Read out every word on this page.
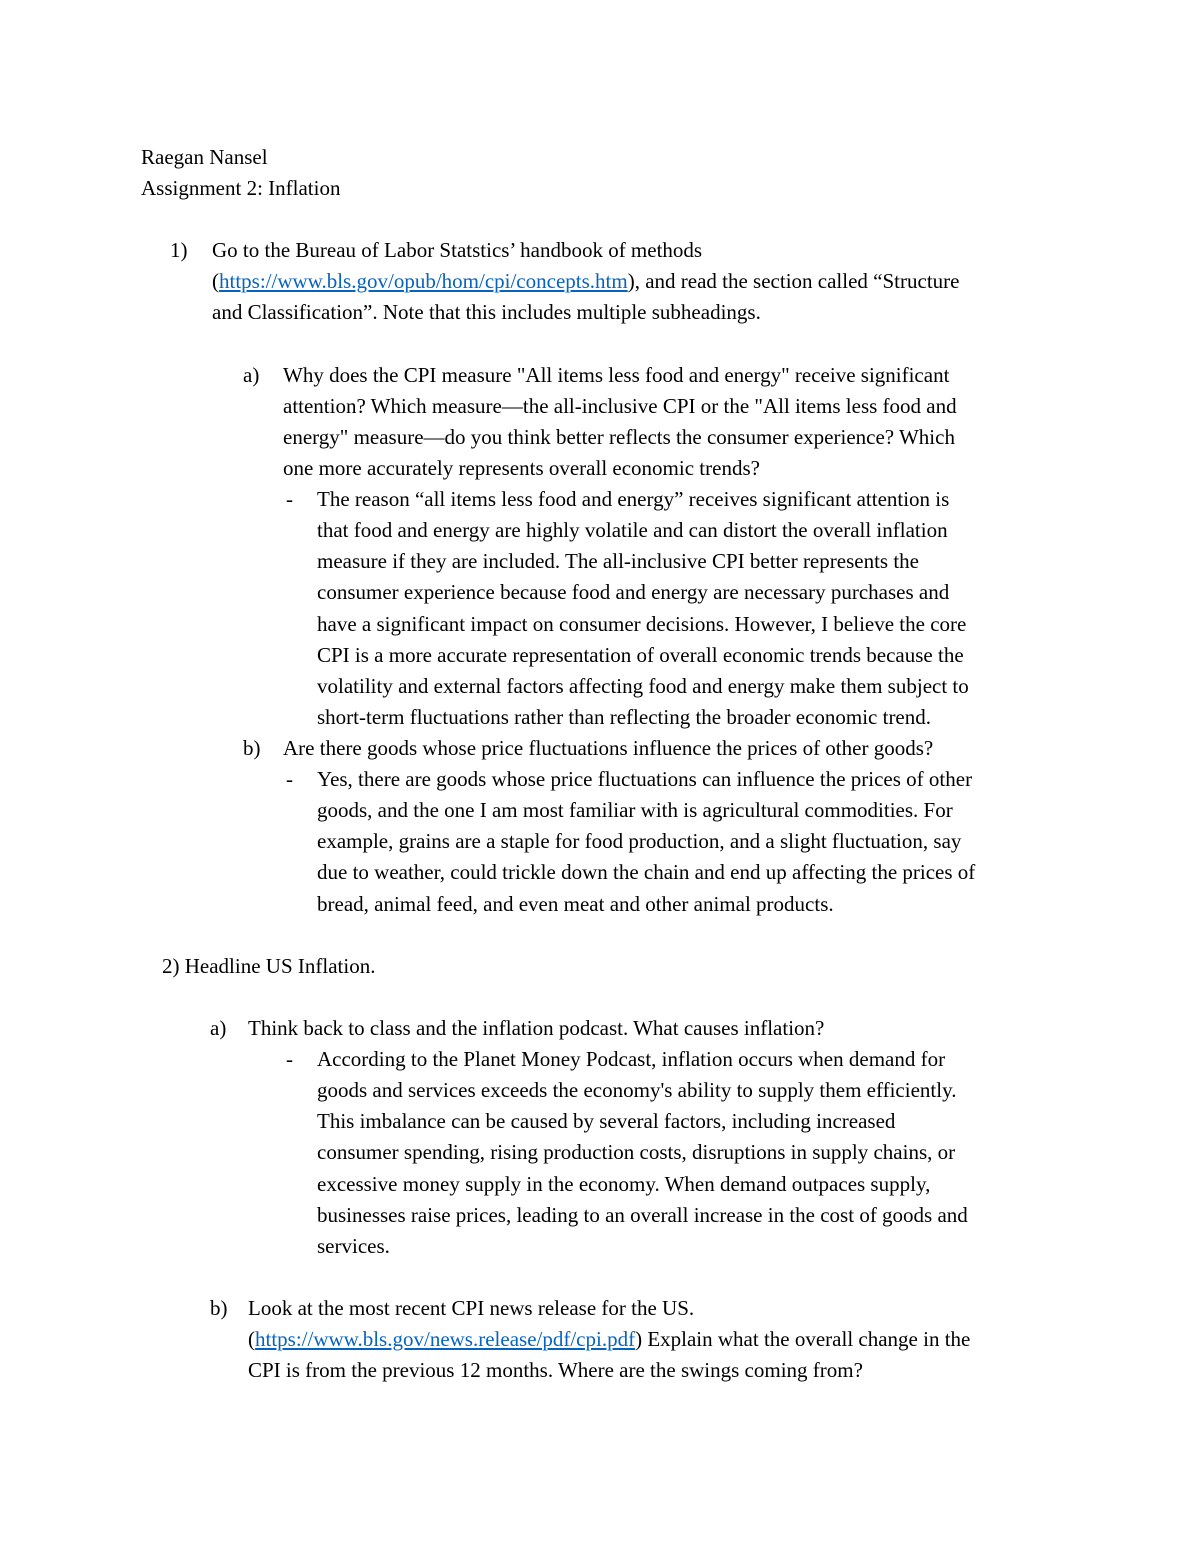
Raegan Nansel
Assignment 2: Inflation
1) Go to the Bureau of Labor Statstics’ handbook of methods
(https://www.bls.gov/opub/hom/cpi/concepts.htm), and read the section called “Structure
and Classification”. Note that this includes multiple subheadings.
a) Why does the CPI measure "All items less food and energy" receive significant
attention? Which measure—the all-inclusive CPI or the "All items less food and
energy" measure—do you think better reflects the consumer experience? Which
one more accurately represents overall economic trends?
- The reason “all items less food and energy” receives significant attention is
that food and energy are highly volatile and can distort the overall inflation
measure if they are included. The all-inclusive CPI better represents the
consumer experience because food and energy are necessary purchases and
have a significant impact on consumer decisions. However, I believe the core
CPI is a more accurate representation of overall economic trends because the
volatility and external factors affecting food and energy make them subject to
short-term fluctuations rather than reflecting the broader economic trend.
b) Are there goods whose price fluctuations influence the prices of other goods?
- Yes, there are goods whose price fluctuations can influence the prices of other
goods, and the one I am most familiar with is agricultural commodities. For
example, grains are a staple for food production, and a slight fluctuation, say
due to weather, could trickle down the chain and end up affecting the prices of
bread, animal feed, and even meat and other animal products.
2) Headline US Inflation.
a) Think back to class and the inflation podcast. What causes inflation?
- According to the Planet Money Podcast, inflation occurs when demand for
goods and services exceeds the economy's ability to supply them efficiently.
This imbalance can be caused by several factors, including increased
consumer spending, rising production costs, disruptions in supply chains, or
excessive money supply in the economy. When demand outpaces supply,
businesses raise prices, leading to an overall increase in the cost of goods and
services.
b) Look at the most recent CPI news release for the US.
(https://www.bls.gov/news.release/pdf/cpi.pdf) Explain what the overall change in the
CPI is from the previous 12 months. Where are the swings coming from?
